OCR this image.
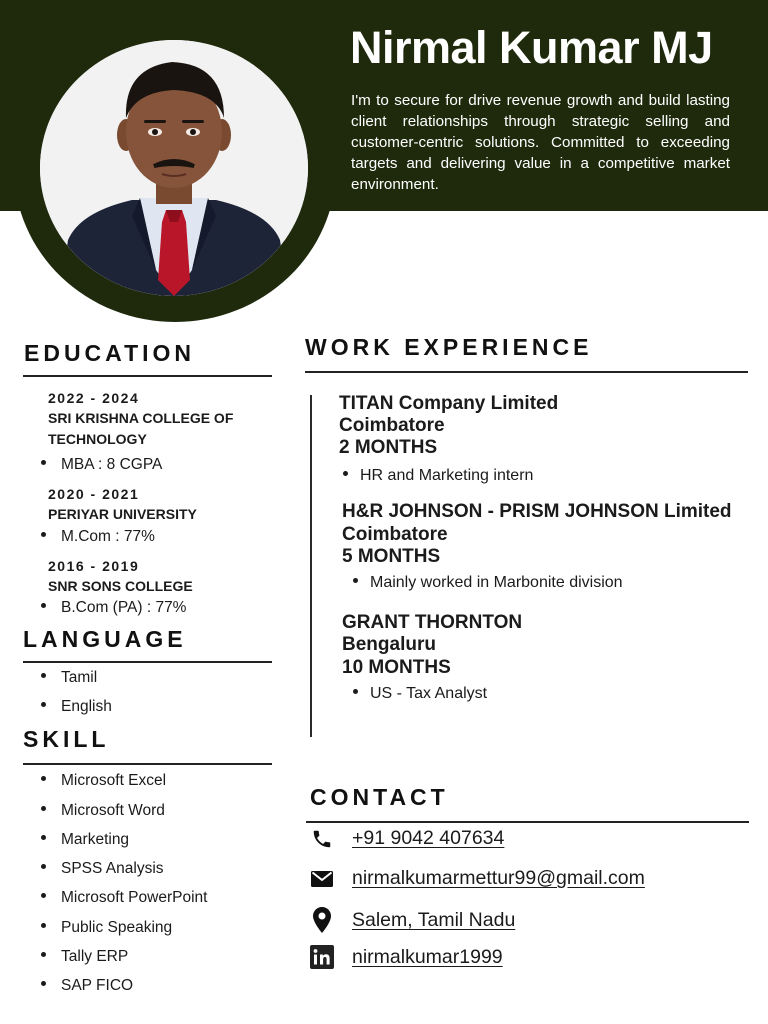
Nirmal Kumar MJ

I'm to secure for drive revenue growth and build lasting client relationships through strategic selling and customer-centric solutions. Committed to exceeding targets and delivering value in a competitive market environment.

EDUCATION
2022 - 2024
SRI KRISHNA COLLEGE OF TECHNOLOGY
MBA : 8 CGPA
2020 - 2021
PERIYAR UNIVERSITY
M.Com : 77%
2016 - 2019
SNR SONS COLLEGE
B.Com (PA) : 77%
LANGUAGE
Tamil
English
SKILL
Microsoft Excel
Microsoft Word
Marketing
SPSS Analysis
Microsoft PowerPoint
Public Speaking
Tally ERP
SAP FICO
WORK EXPERIENCE
TITAN Company Limited
Coimbatore
2 MONTHS
HR and Marketing intern
H&R JOHNSON - PRISM JOHNSON Limited
Coimbatore
5 MONTHS
Mainly worked in Marbonite division
GRANT THORNTON
Bengaluru
10 MONTHS
US - Tax Analyst
CONTACT
+91 9042 407634
nirmalkumarmettur99@gmail.com
Salem, Tamil Nadu
nirmalkumar1999
